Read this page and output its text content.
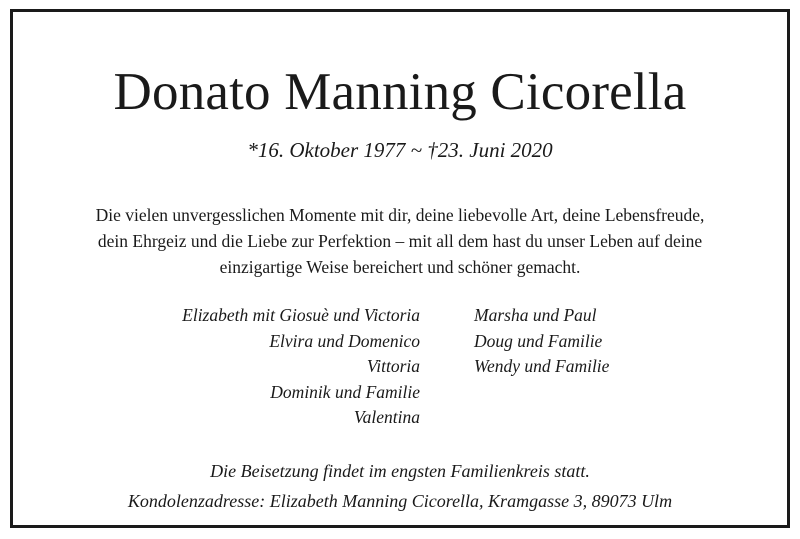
Donato Manning Cicorella
*16. Oktober 1977 ~ †23. Juni 2020
Die vielen unvergesslichen Momente mit dir, deine liebevolle Art, deine Lebensfreude,
dein Ehrgeiz und die Liebe zur Perfektion – mit all dem hast du unser Leben auf deine
einzigartige Weise bereichert und schöner gemacht.
Elizabeth mit Giosuè und Victoria
Elvira und Domenico
Vittoria
Dominik und Familie
Valentina
Marsha und Paul
Doug und Familie
Wendy und Familie
Die Beisetzung findet im engsten Familienkreis statt.
Kondolenzadresse: Elizabeth Manning Cicorella, Kramgasse 3, 89073 Ulm
